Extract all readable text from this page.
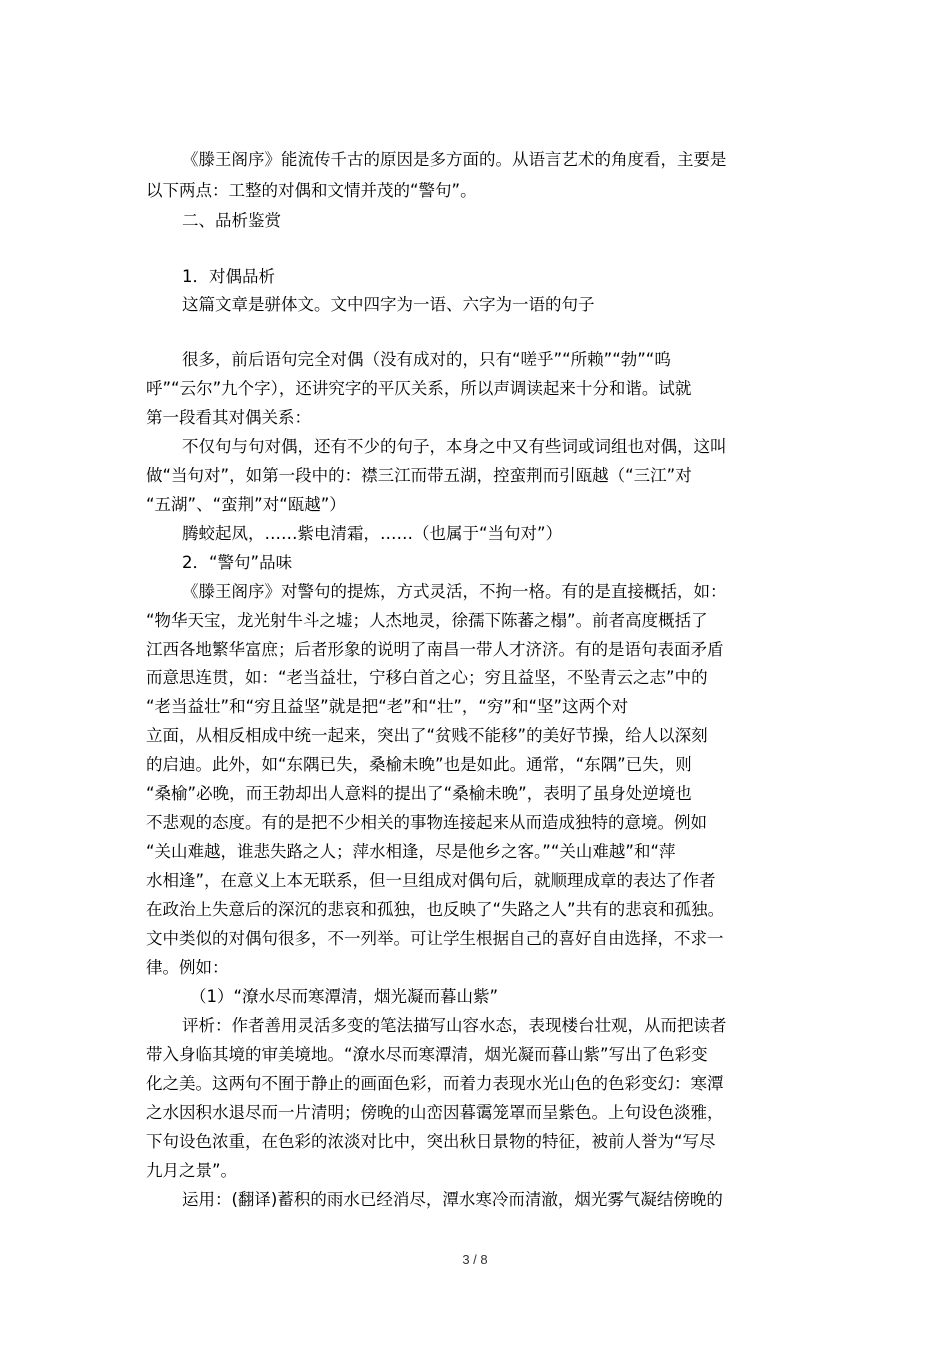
《滕王阁序》能流传千古的原因是多方面的。从语言艺术的角度看，主要是
以下两点：工整的对偶和文情并茂的“警句”。
二、品析鉴赏
1．对偶品析
这篇文章是骈体文。文中四字为一语、六字为一语的句子
很多，前后语句完全对偶（没有成对的，只有“嗟乎”“所赖”“勃”“呜
呼”“云尔”九个字），还讲究字的平仄关系，所以声调读起来十分和谐。试就
第一段看其对偶关系：
不仅句与句对偶，还有不少的句子，本身之中又有些词或词组也对偶，这叫
做“当句对”，如第一段中的：襟三江而带五湖，控蛮荆而引瓯越（“三江”对
“五湖”、“蛮荆”对“瓯越”）
腾蛟起凤，……紫电清霜，……（也属于“当句对”）
2．“警句”品味
《滕王阁序》对警句的提炼，方式灵活，不拘一格。有的是直接概括，如：
“物华天宝，龙光射牛斗之墟；人杰地灵，徐孺下陈蕃之榻”。前者高度概括了
江西各地繁华富庶；后者形象的说明了南昌一带人才济济。有的是语句表面矛盾
而意思连贯，如：“老当益壮，宁移白首之心；穷且益坚，不坠青云之志”中的
“老当益壮”和“穷且益坚”就是把“老”和“壮”，“穷”和“坚”这两个对
立面，从相反相成中统一起来，突出了“贫贱不能移”的美好节操，给人以深刻
的启迪。此外，如“东隅已失，桑榆未晚”也是如此。通常，“东隅”已失，则
“桑榆”必晚，而王勃却出人意料的提出了“桑榆未晚”，表明了虽身处逆境也
不悲观的态度。有的是把不少相关的事物连接起来从而造成独特的意境。例如
“关山难越，谁悲失路之人；萍水相逢，尽是他乡之客。”“关山难越”和“萍
水相逢”，在意义上本无联系，但一旦组成对偶句后，就顺理成章的表达了作者
在政治上失意后的深沉的悲哀和孤独，也反映了“失路之人”共有的悲哀和孤独。
文中类似的对偶句很多，不一列举。可让学生根据自己的喜好自由选择，不求一
律。例如：
（1）“潦水尽而寒潭清，烟光凝而暮山紫”
评析：作者善用灵活多变的笔法描写山容水态，表现楼台壮观，从而把读者
带入身临其境的审美境地。“潦水尽而寒潭清，烟光凝而暮山紫”写出了色彩变
化之美。这两句不囿于静止的画面色彩，而着力表现水光山色的色彩变幻：寒潭
之水因积水退尽而一片清明；傍晚的山峦因暮霭笼罩而呈紫色。上句设色淡雅，
下句设色浓重，在色彩的浓淡对比中，突出秋日景物的特征，被前人誉为“写尽
九月之景”。
运用：(翻译)蓄积的雨水已经消尽，潭水寒冷而清澈，烟光雾气凝结傍晚的
3 / 8
